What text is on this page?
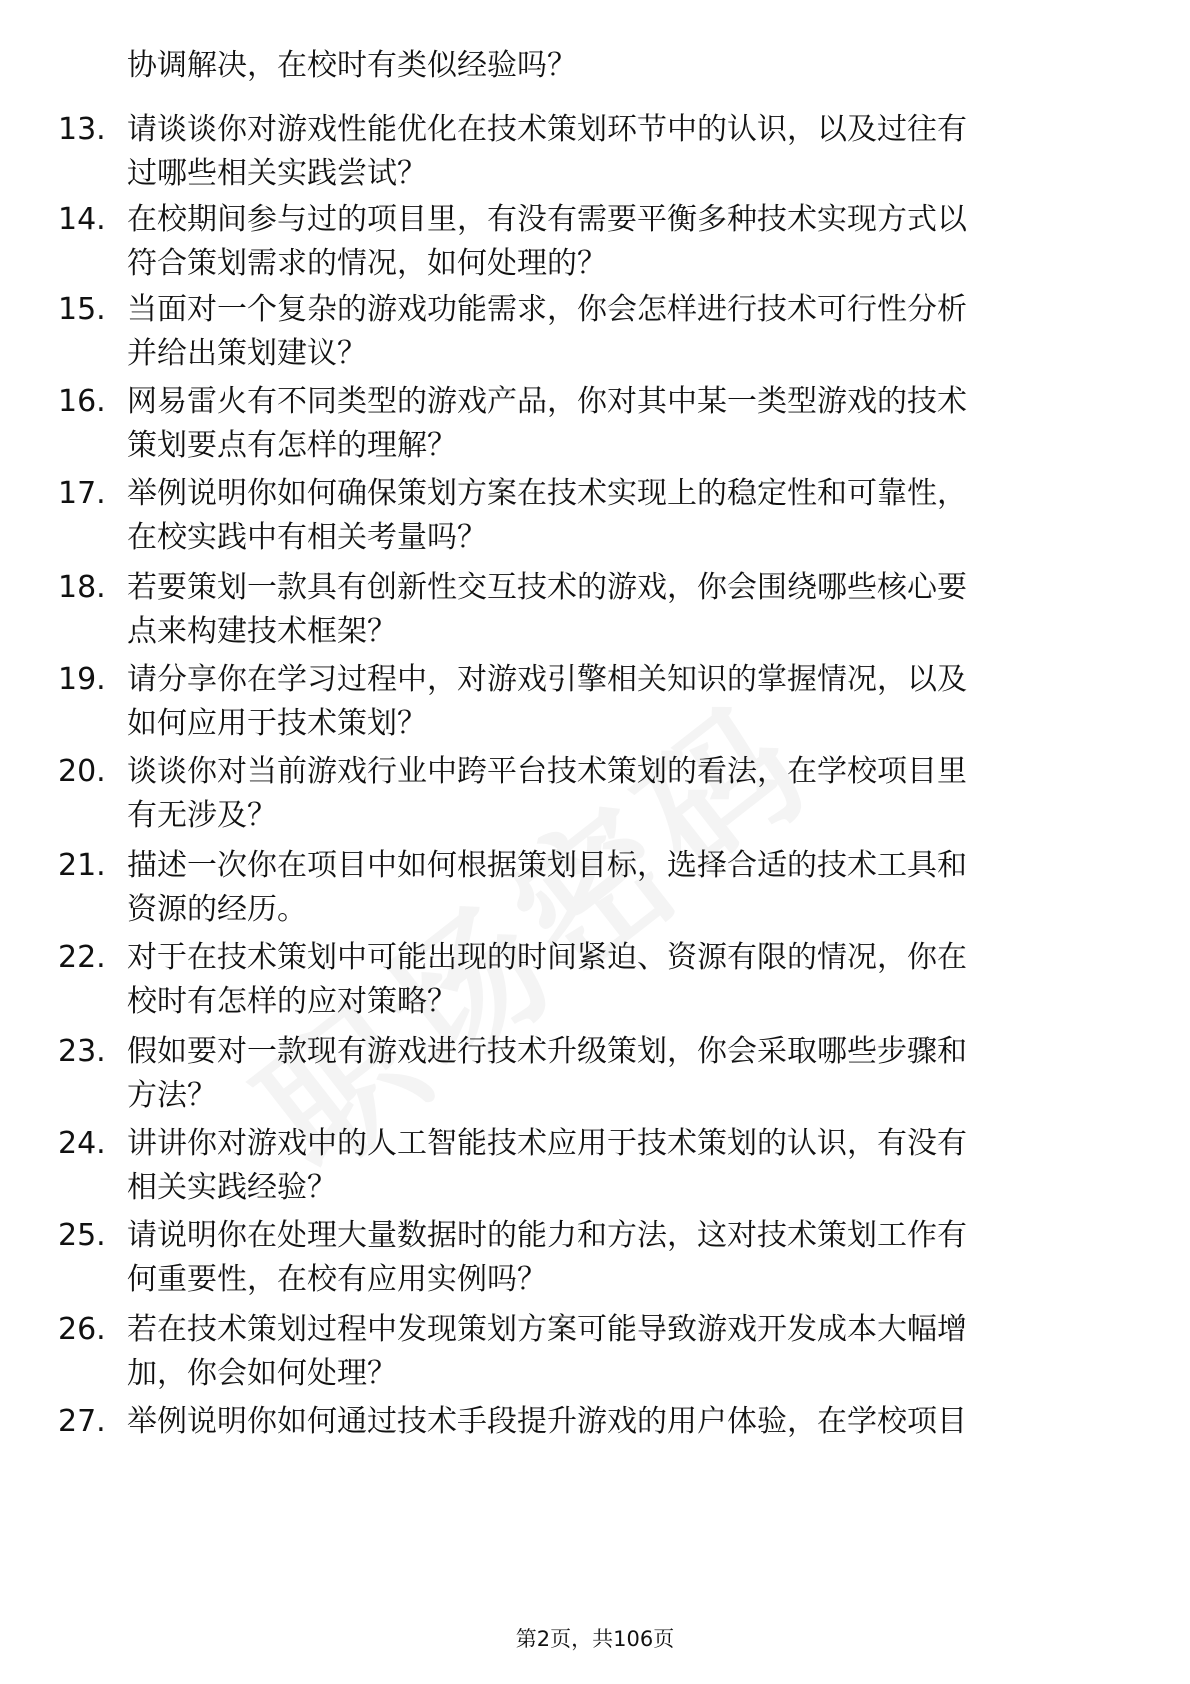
协调解决，在校时有类似经验吗？
13. 请谈谈你对游戏性能优化在技术策划环节中的认识，以及过往有
过哪些相关实践尝试？
14. 在校期间参与过的项目里，有没有需要平衡多种技术实现方式以
符合策划需求的情况，如何处理的？
15. 当面对一个复杂的游戏功能需求，你会怎样进行技术可行性分析
并给出策划建议？
16. 网易雷火有不同类型的游戏产品，你对其中某一类型游戏的技术
策划要点有怎样的理解？
17. 举例说明你如何确保策划方案在技术实现上的稳定性和可靠性，
在校实践中有相关考量吗？
18. 若要策划一款具有创新性交互技术的游戏，你会围绕哪些核心要
点来构建技术框架？
19. 请分享你在学习过程中，对游戏引擎相关知识的掌握情况，以及
如何应用于技术策划？
20. 谈谈你对当前游戏行业中跨平台技术策划的看法，在学校项目里
有无涉及？
21. 描述一次你在项目中如何根据策划目标，选择合适的技术工具和
资源的经历。
22. 对于在技术策划中可能出现的时间紧迫、资源有限的情况，你在
校时有怎样的应对策略？
23. 假如要对一款现有游戏进行技术升级策划，你会采取哪些步骤和
方法？
24. 讲讲你对游戏中的人工智能技术应用于技术策划的认识，有没有
相关实践经验？
25. 请说明你在处理大量数据时的能力和方法，这对技术策划工作有
何重要性，在校有应用实例吗？
26. 若在技术策划过程中发现策划方案可能导致游戏开发成本大幅增
加，你会如何处理？
27. 举例说明你如何通过技术手段提升游戏的用户体验，在学校项目
第2页，共106页
